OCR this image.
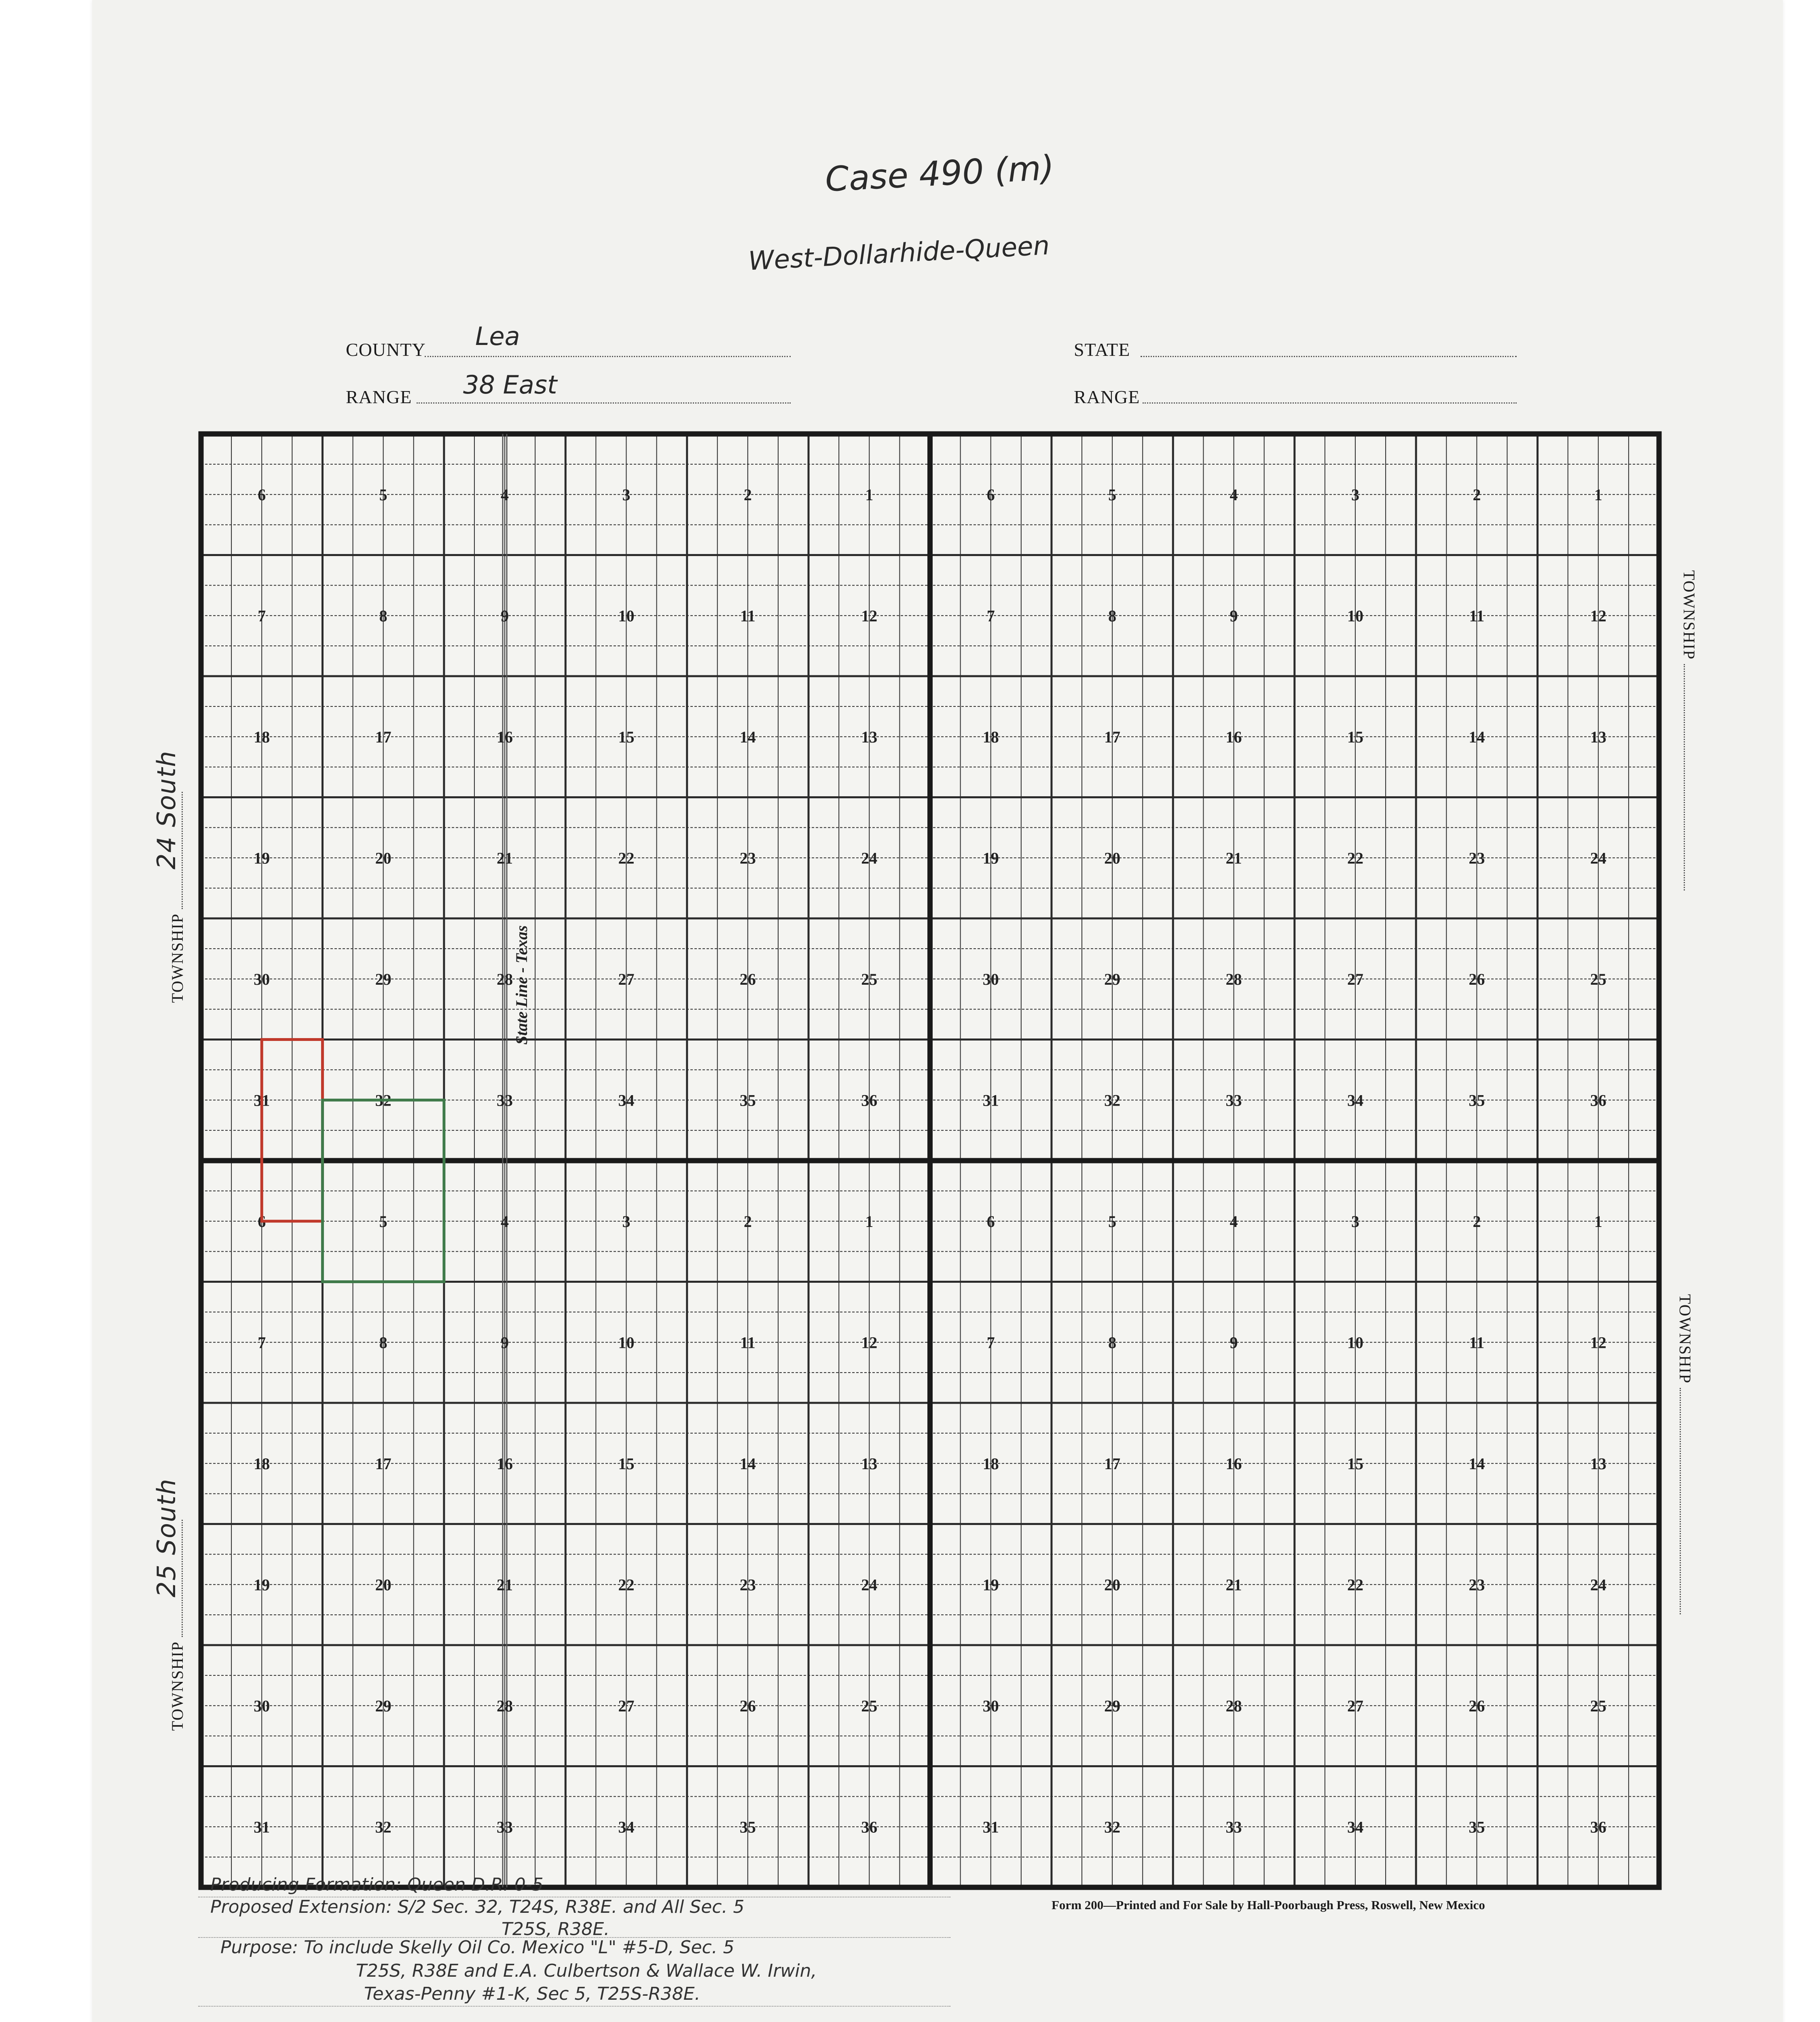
Case 490 (m)
West-Dollarhide-Queen
COUNTY Lea
RANGE 38 East
STATE
RANGE
TOWNSHIP
24 South
TOWNSHIP
25 South
TOWNSHIP
TOWNSHIP
State Line - Texas
6	5	4	3	2	1
7	8	9	10	11	12
18	17	16	15	14	13
19	20	21	22	23	24
30	29	28	27	26	25
31	32	33	34	35	36
6	5	4	3	2	1
7	8	9	10	11	12
18	17	16	15	14	13
19	20	21	22	23	24
30	29	28	27	26	25
31	32	33	34	35	36
6	5	4	3	2	1
7	8	9	10	11	12
18	17	16	15	14	13
19	20	21	22	23	24
30	29	28	27	26	25
31	32	33	34	35	36
6	5	4	3	2	1
7	8	9	10	11	12
18	17	16	15	14	13
19	20	21	22	23	24
30	29	28	27	26	25
31	32	33	34	35	36
Producing Formation: Queen D.R. 0-5
Proposed Extension: S/2 Sec. 32, T24S, R38E. and All Sec. 5
T25S, R38E.
Purpose: To include Skelly Oil Co. Mexico "L" #5-D, Sec. 5
T25S, R38E and E.A. Culbertson & Wallace W. Irwin,
Texas-Penny #1-K, Sec 5, T25S-R38E.
Form 200—Printed and For Sale by Hall-Poorbaugh Press, Roswell, New Mexico
